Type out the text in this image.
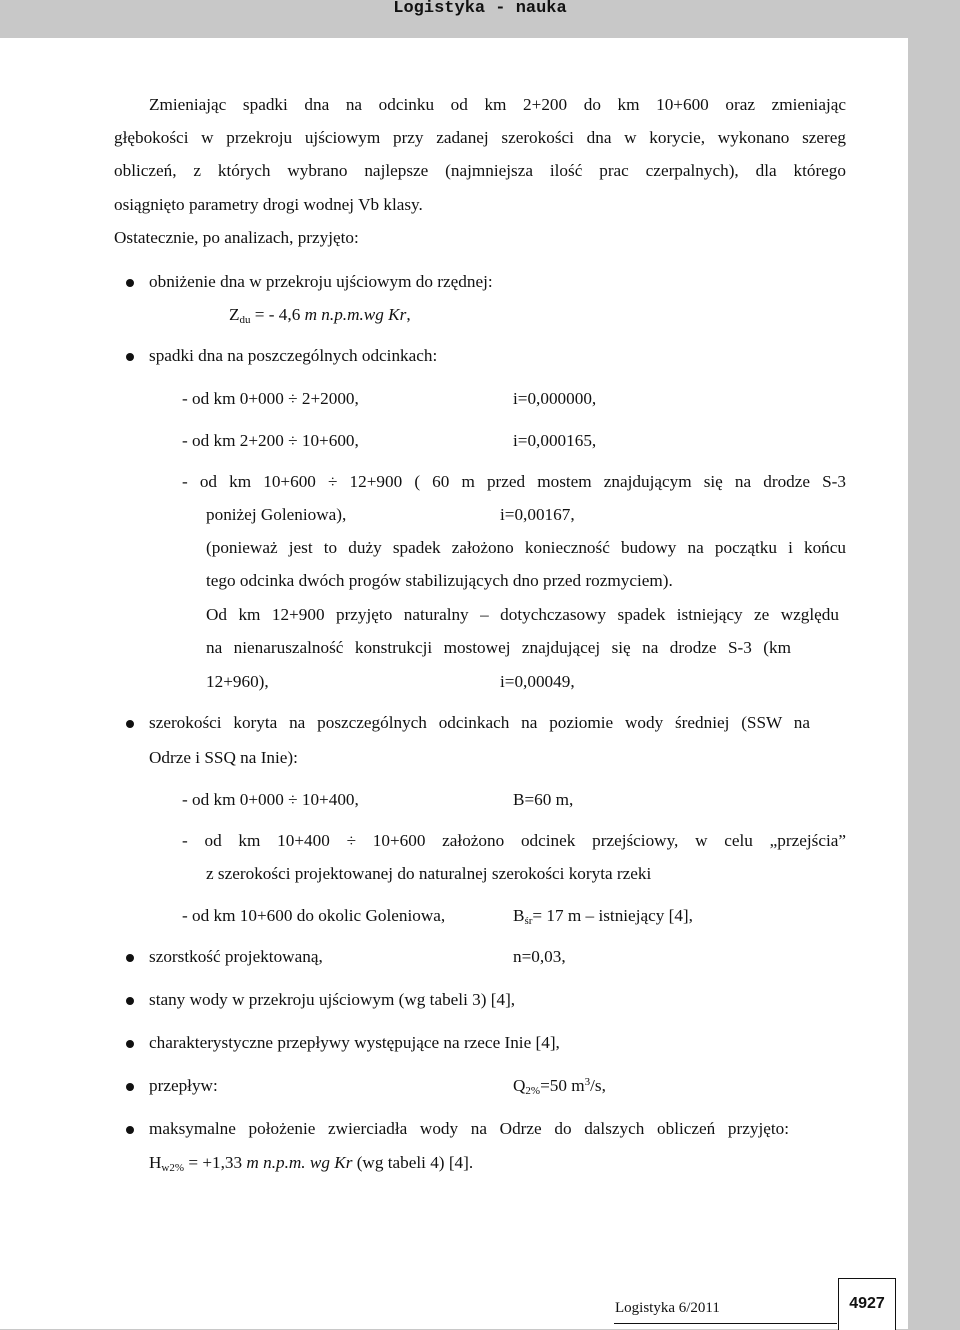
Logistyka - nauka
Zmieniając spadki dna na odcinku od km 2+200 do km 10+600 oraz zmieniając
głębokości w przekroju ujściowym przy zadanej szerokości dna w korycie, wykonano szereg
obliczeń, z których wybrano najlepsze (najmniejsza ilość prac czerpalnych), dla którego
osiągnięto parametry drogi wodnej Vb klasy.
Ostatecznie, po analizach, przyjęto:
obniżenie dna w przekroju ujściowym do rzędnej:
$Z_{du}$ = - 4,6 m n.p.m.wg Kr,
spadki dna na poszczególnych odcinkach:
- od km 0+000 ÷ 2+2000,	i=0,000000,
- od km 2+200 ÷ 10+600,	i=0,000165,
- od km 10+600 ÷ 12+900 ( 60 m przed mostem znajdującym się na drodze S-3
poniżej Goleniowa),	i=0,00167,
(ponieważ jest to duży spadek założono konieczność budowy na początku i końcu
tego odcinka dwóch progów stabilizujących dno przed rozmyciem).
Od km 12+900 przyjęto naturalny – dotychczasowy spadek istniejący ze względu
na nienaruszalność konstrukcji mostowej znajdującej się na drodze S-3 (km
12+960),	i=0,00049,
szerokości koryta na poszczególnych odcinkach na poziomie wody średniej (SSW na
Odrze i SSQ na Inie):
- od km 0+000 ÷ 10+400,	B=60 m,
- od km 10+400 ÷ 10+600 założono odcinek przejściowy, w celu „przejścia”
z szerokości projektowanej do naturalnej szerokości koryta rzeki
- od km 10+600 do okolic Goleniowa,	$B_{śr}= 17$ m – istniejący [4],
szorstkość projektowaną,	n=0,03,
stany wody w przekroju ujściowym (wg tabeli 3) [4],
charakterystyczne przepływy występujące na rzece Inie [4],
przepływ:	$Q_{2\%}=50$ $m^3/s$,
maksymalne położenie zwierciadła wody na Odrze do dalszych obliczeń przyjęto:
$H_{w2\%} = +1,33$ m n.p.m. wg Kr (wg tabeli 4) [4].
Logistyka 6/2011	4927
